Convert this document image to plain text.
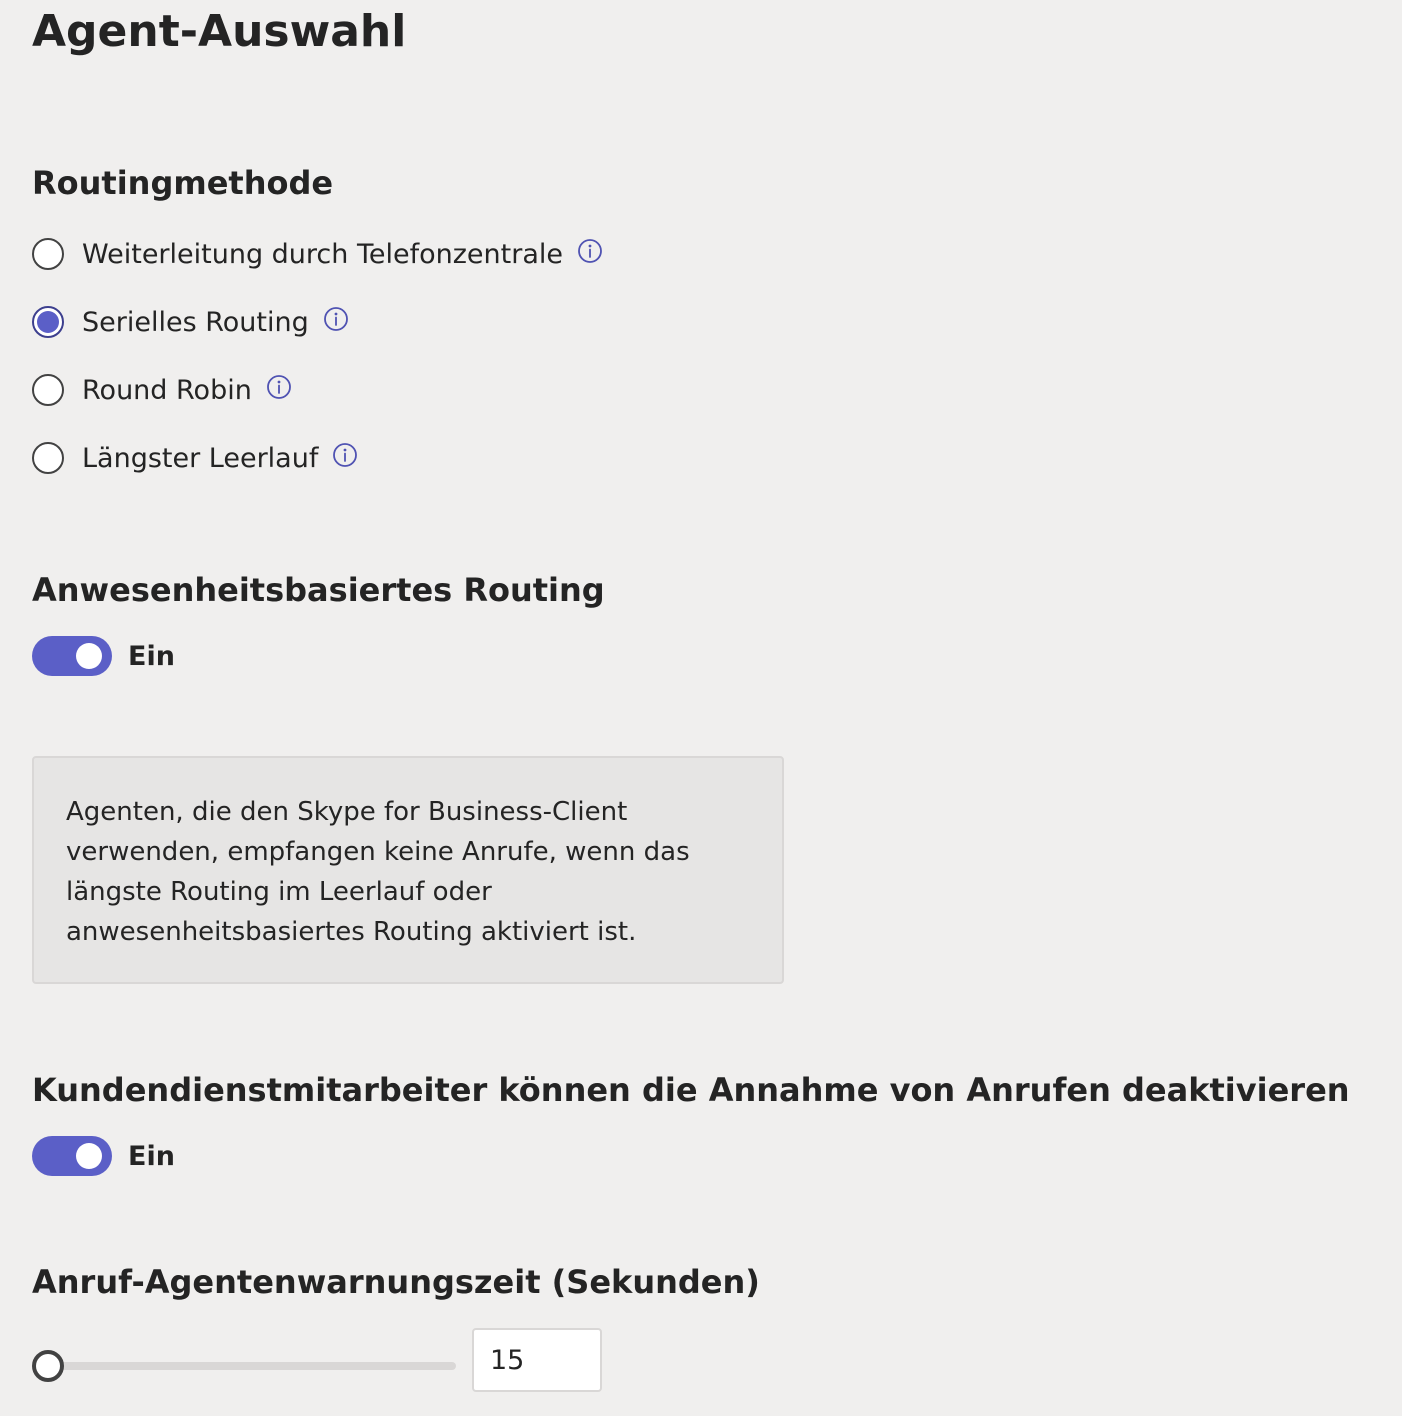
Agent-Auswahl
Routingmethode
Weiterleitung durch Telefonzentrale
Serielles Routing
Round Robin
Längster Leerlauf
Anwesenheitsbasiertes Routing
Ein

Agenten, die den Skype for Business-Client verwenden, empfangen keine Anrufe, wenn das längste Routing im Leerlauf oder anwesenheitsbasiertes Routing aktiviert ist.

Kundendienstmitarbeiter können die Annahme von Anrufen deaktivieren
Ein
Anruf-Agentenwarnungszeit (Sekunden)
15
